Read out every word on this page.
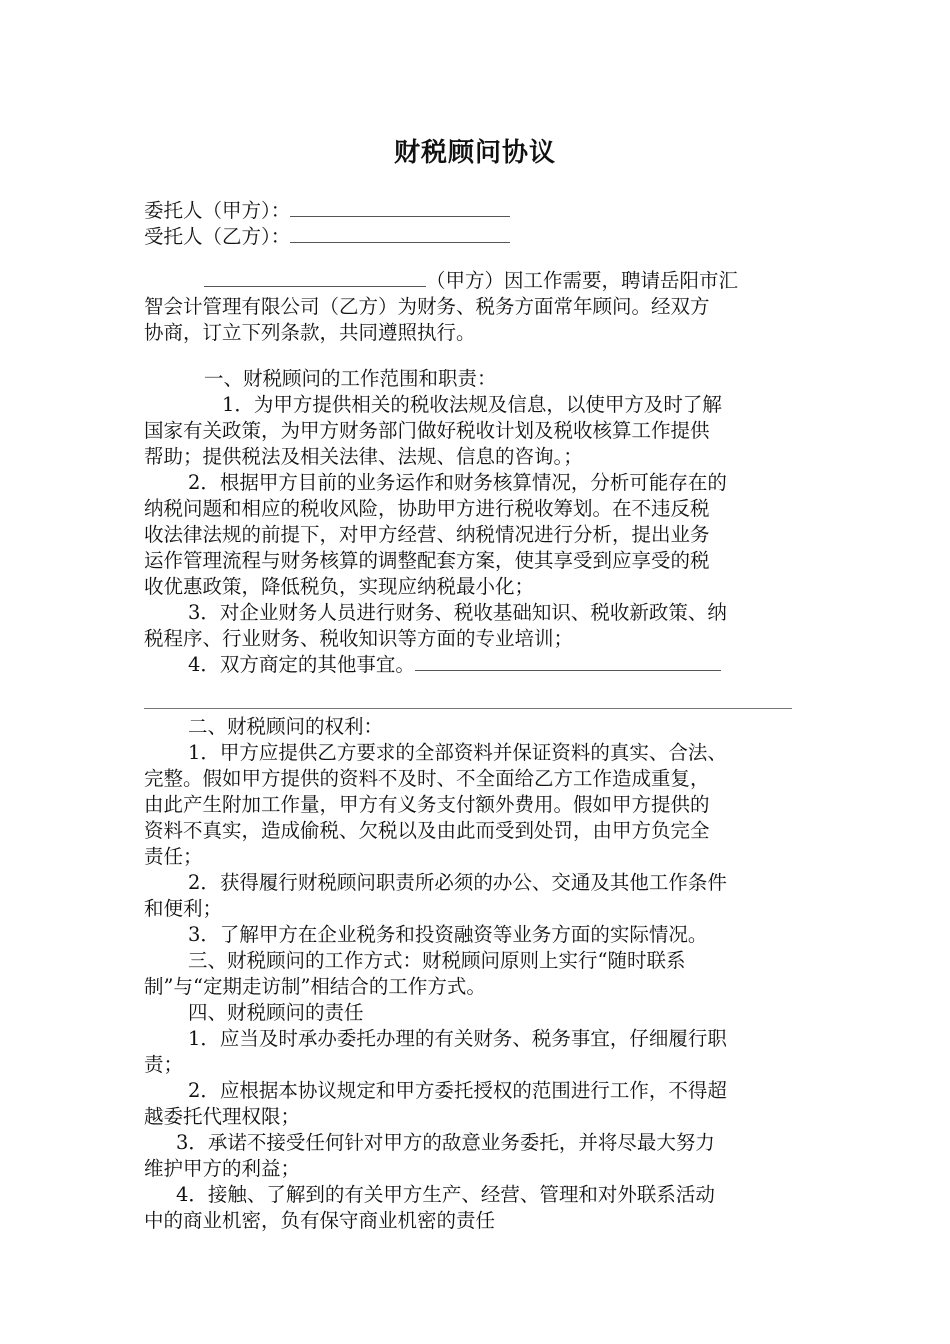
财税顾问协议
委托人（甲方）：
受托人（乙方）：
（甲方）因工作需要，聘请岳阳市汇
智会计管理有限公司（乙方）为财务、税务方面常年顾问。经双方
协商，订立下列条款，共同遵照执行。
一、财税顾问的工作范围和职责：
1．为甲方提供相关的税收法规及信息，以使甲方及时了解
国家有关政策，为甲方财务部门做好税收计划及税收核算工作提供
帮助；提供税法及相关法律、法规、信息的咨询。；
2．根据甲方目前的业务运作和财务核算情况，分析可能存在的
纳税问题和相应的税收风险，协助甲方进行税收筹划。在不违反税
收法律法规的前提下，对甲方经营、纳税情况进行分析，提出业务
运作管理流程与财务核算的调整配套方案，使其享受到应享受的税
收优惠政策，降低税负，实现应纳税最小化；
3．对企业财务人员进行财务、税收基础知识、税收新政策、纳
税程序、行业财务、税收知识等方面的专业培训；
4．双方商定的其他事宜。
二、财税顾问的权利：
1．甲方应提供乙方要求的全部资料并保证资料的真实、合法、
完整。假如甲方提供的资料不及时、不全面给乙方工作造成重复，
由此产生附加工作量，甲方有义务支付额外费用。假如甲方提供的
资料不真实，造成偷税、欠税以及由此而受到处罚，由甲方负完全
责任；
2．获得履行财税顾问职责所必须的办公、交通及其他工作条件
和便利；
3．了解甲方在企业税务和投资融资等业务方面的实际情况。
三、财税顾问的工作方式：财税顾问原则上实行“随时联系
制”与“定期走访制”相结合的工作方式。
四、财税顾问的责任
1．应当及时承办委托办理的有关财务、税务事宜，仔细履行职
责；
2．应根据本协议规定和甲方委托授权的范围进行工作，不得超
越委托代理权限；
3．承诺不接受任何针对甲方的敌意业务委托，并将尽最大努力
维护甲方的利益；
4．接触、了解到的有关甲方生产、经营、管理和对外联系活动
中的商业机密，负有保守商业机密的责任
